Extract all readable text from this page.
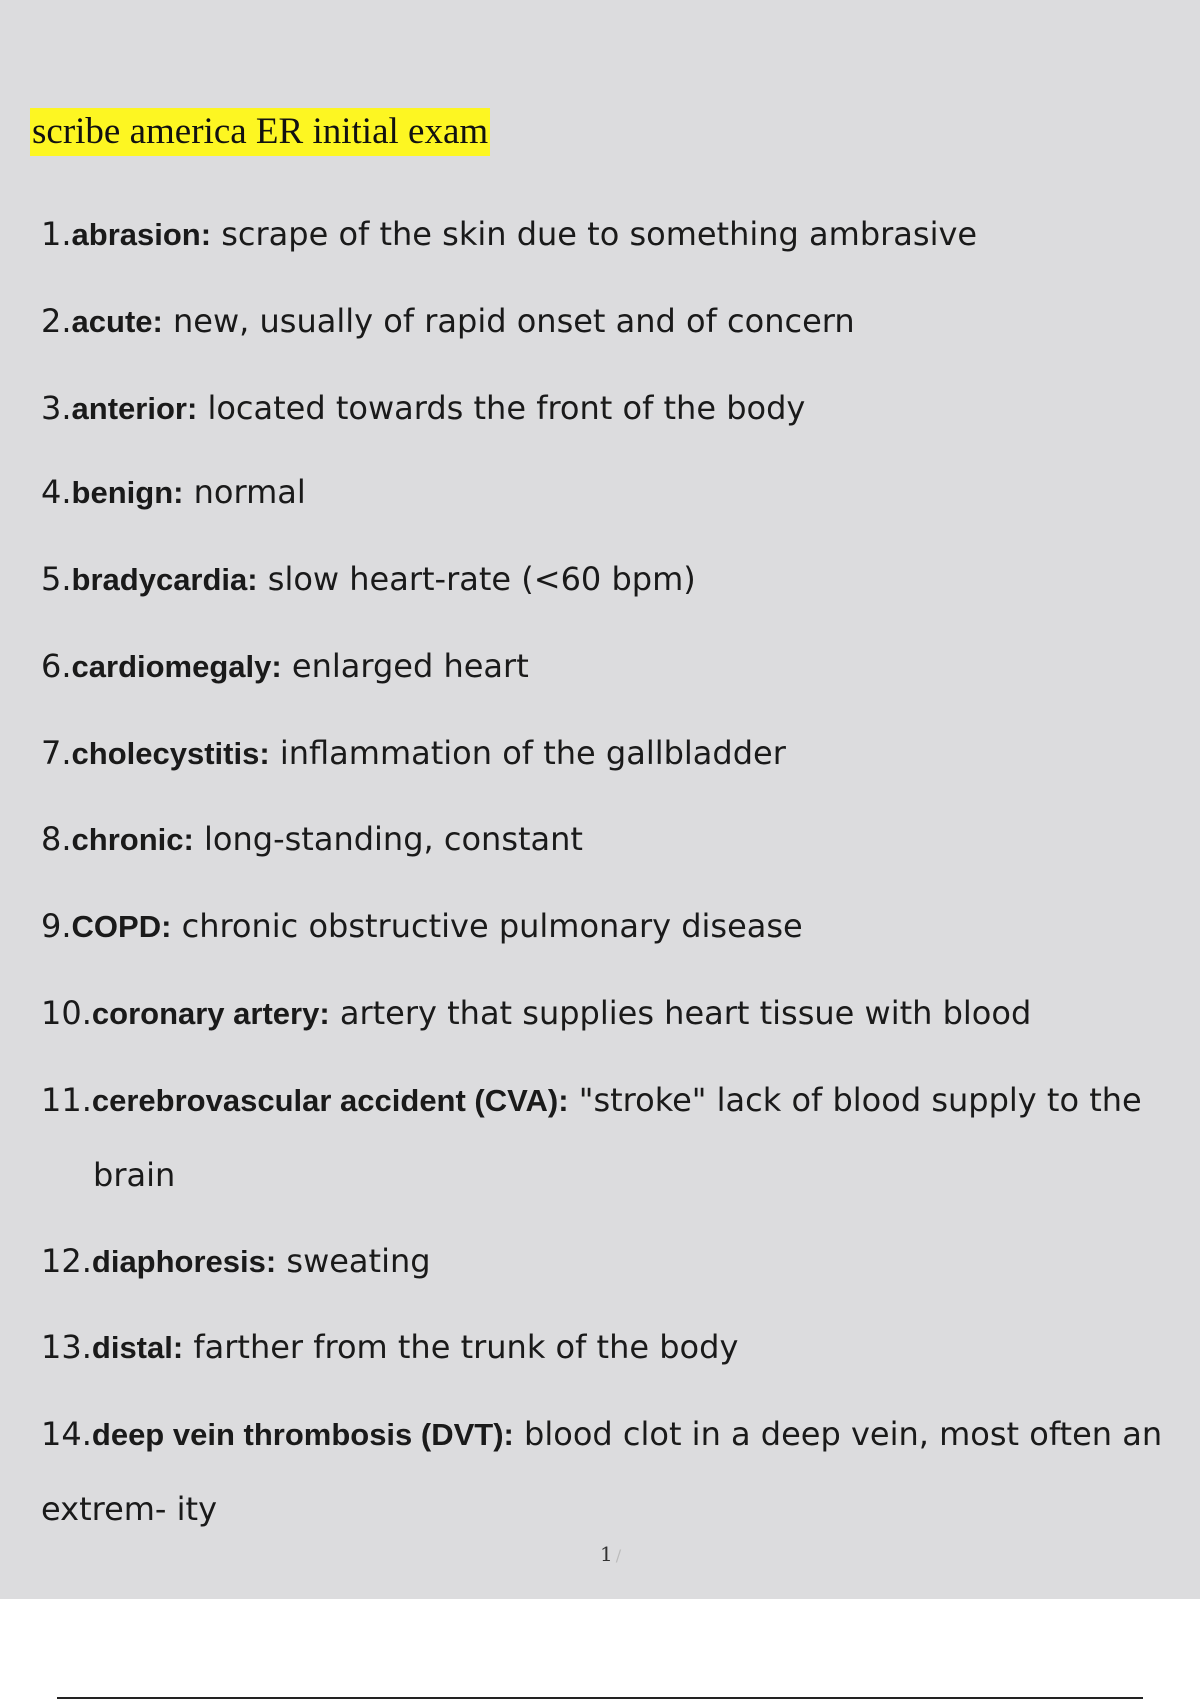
scribe america ER initial exam
1.abrasion: scrape of the skin due to something ambrasive
2.acute: new, usually of rapid onset and of concern
3.anterior: located towards the front of the body
4.benign: normal
5.bradycardia: slow heart-rate (<60 bpm)
6.cardiomegaly: enlarged heart
7.cholecystitis: inflammation of the gallbladder
8.chronic: long-standing, constant
9.COPD: chronic obstructive pulmonary disease
10.coronary artery: artery that supplies heart tissue with blood
11.cerebrovascular accident (CVA): "stroke" lack of blood supply to the
brain
12.diaphoresis: sweating
13.distal: farther from the trunk of the body
14.deep vein thrombosis (DVT): blood clot in a deep vein, most often an
extrem- ity
1 /
